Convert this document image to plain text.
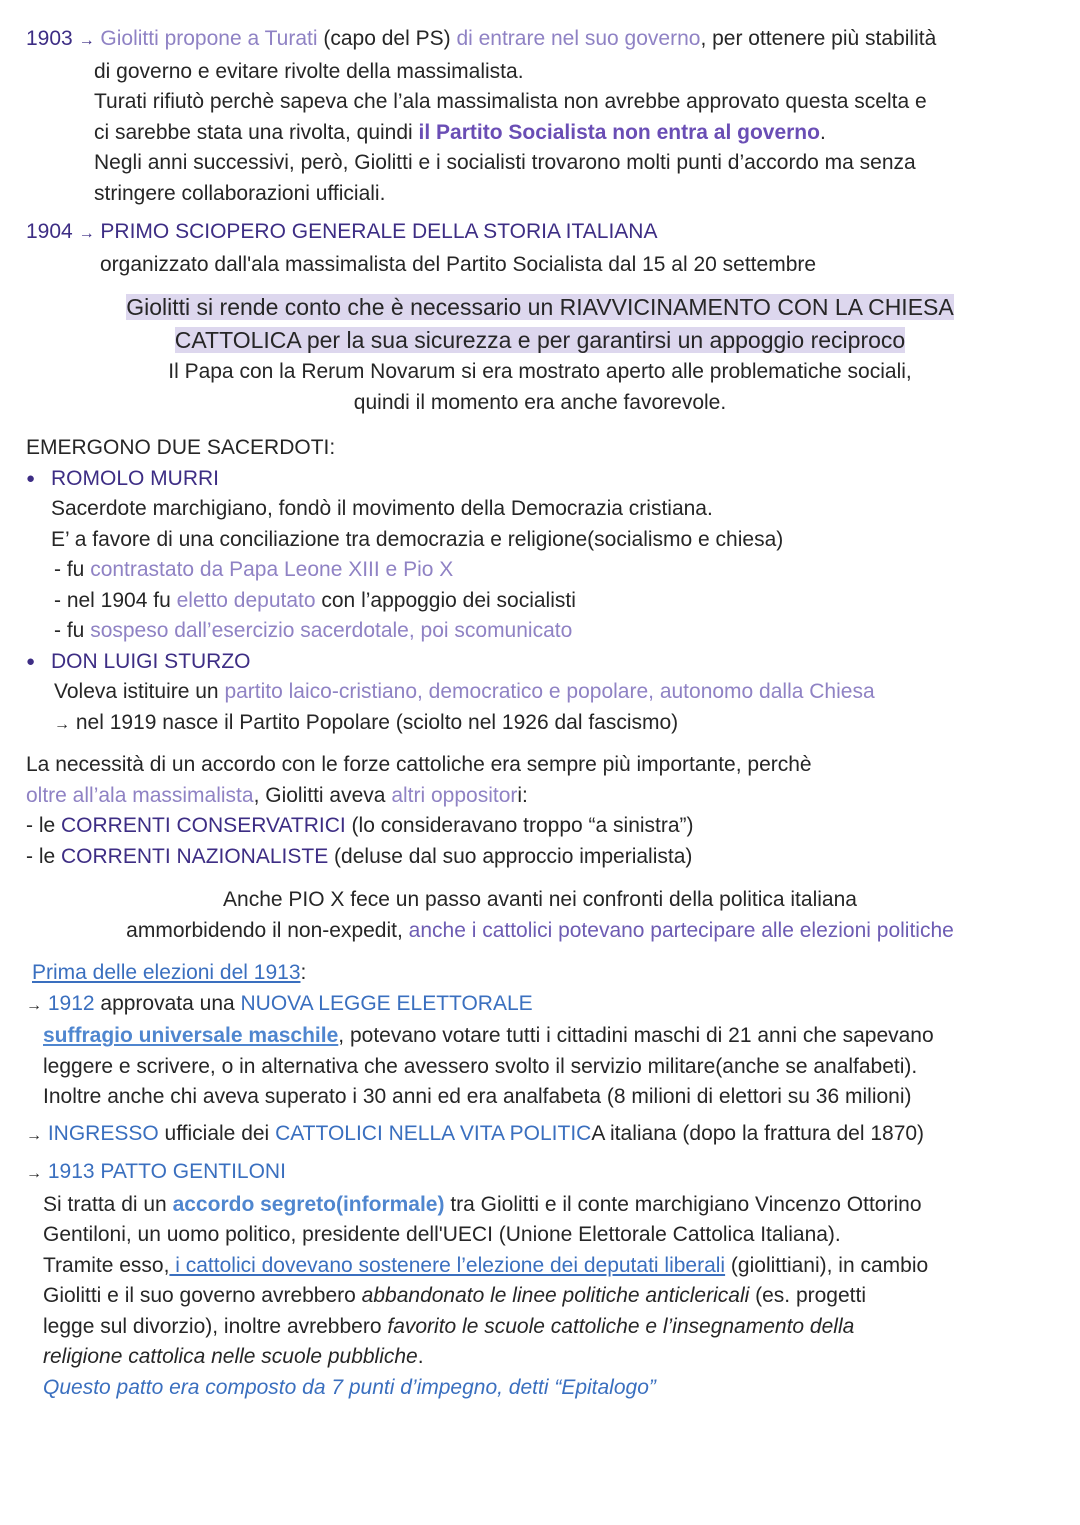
1903 → Giolitti propone a Turati (capo del PS) di entrare nel suo governo, per ottenere più stabilità
di governo e evitare rivolte della massimalista.
Turati rifiutò perchè sapeva che l’ala massimalista non avrebbe approvato questa scelta e
ci sarebbe stata una rivolta, quindi il Partito Socialista non entra al governo.
Negli anni successivi, però, Giolitti e i socialisti trovarono molti punti d’accordo ma senza
stringere collaborazioni ufficiali.
1904 → PRIMO SCIOPERO GENERALE DELLA STORIA ITALIANA
organizzato dall'ala massimalista del Partito Socialista dal 15 al 20 settembre
Giolitti si rende conto che è necessario un RIAVVICINAMENTO CON LA CHIESA
CATTOLICA per la sua sicurezza e per garantirsi un appoggio reciproco
Il Papa con la Rerum Novarum si era mostrato aperto alle problematiche sociali,
quindi il momento era anche favorevole.
EMERGONO DUE SACERDOTI:
● ROMOLO MURRI
Sacerdote marchigiano, fondò il movimento della Democrazia cristiana.
E’ a favore di una conciliazione tra democrazia e religione(socialismo e chiesa)
- fu contrastato da Papa Leone XIII e Pio X
- nel 1904 fu eletto deputato con l’appoggio dei socialisti
- fu sospeso dall’esercizio sacerdotale, poi scomunicato
● DON LUIGI STURZO
Voleva istituire un partito laico-cristiano, democratico e popolare, autonomo dalla Chiesa
→ nel 1919 nasce il Partito Popolare (sciolto nel 1926 dal fascismo)
La necessità di un accordo con le forze cattoliche era sempre più importante, perchè
oltre all’ala massimalista, Giolitti aveva altri oppositori:
- le CORRENTI CONSERVATRICI (lo consideravano troppo “a sinistra”)
- le CORRENTI NAZIONALISTE (deluse dal suo approccio imperialista)
Anche PIO X fece un passo avanti nei confronti della politica italiana
ammorbidendo il non-expedit, anche i cattolici potevano partecipare alle elezioni politiche
Prima delle elezioni del 1913:
→ 1912 approvata una NUOVA LEGGE ELETTORALE
suffragio universale maschile, potevano votare tutti i cittadini maschi di 21 anni che sapevano
leggere e scrivere, o in alternativa che avessero svolto il servizio militare(anche se analfabeti).
Inoltre anche chi aveva superato i 30 anni ed era analfabeta (8 milioni di elettori su 36 milioni)
→ INGRESSO ufficiale dei CATTOLICI NELLA VITA POLITICA italiana (dopo la frattura del 1870)
→ 1913 PATTO GENTILONI
Si tratta di un accordo segreto(informale) tra Giolitti e il conte marchigiano Vincenzo Ottorino
Gentiloni, un uomo politico, presidente dell'UECI (Unione Elettorale Cattolica Italiana).
Tramite esso, i cattolici dovevano sostenere l’elezione dei deputati liberali (giolittiani), in cambio
Giolitti e il suo governo avrebbero abbandonato le linee politiche anticlericali (es. progetti
legge sul divorzio), inoltre avrebbero favorito le scuole cattoliche e l’insegnamento della
religione cattolica nelle scuole pubbliche.
Questo patto era composto da 7 punti d’impegno, detti “Epitalogo”
